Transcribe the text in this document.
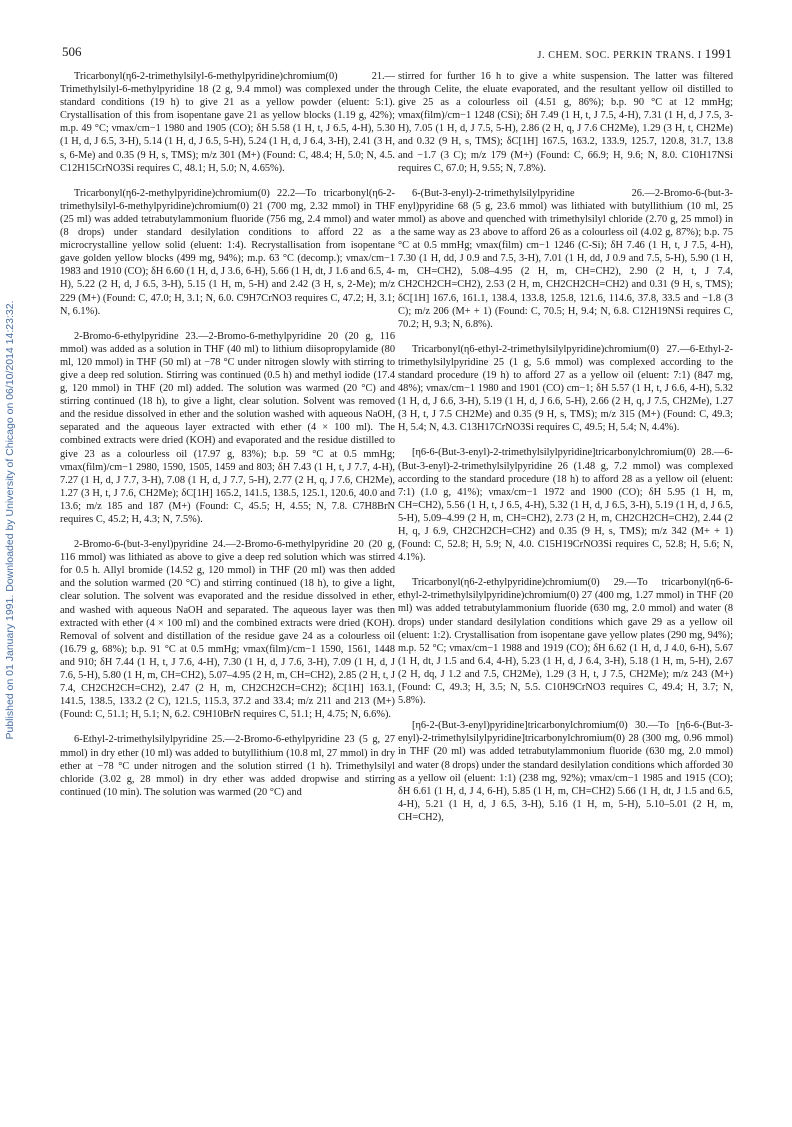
Published on 01 January 1991. Downloaded by University of Chicago on 06/10/2014 14:23:32.
506	J. CHEM. SOC. PERKIN TRANS. I 1991

Tricarbonyl(η6-2-trimethylsilyl-6-methylpyridine)chromium(0) 21.—Trimethylsilyl-6-methylpyridine 18 (2 g, 9.4 mmol) was complexed under the standard conditions (19 h) to give 21 as a yellow powder (eluent: 5:1). Crystallisation of this from isopentane gave 21 as yellow blocks (1.19 g, 42%); m.p. 49 °C; νmax/cm−1 1980 and 1905 (CO); δH 5.58 (1 H, t, J 6.5, 4-H), 5.30 (1 H, d, J 6.5, 3-H), 5.14 (1 H, d, J 6.5, 5-H), 5.24 (1 H, d, J 6.4, 3-H), 2.41 (3 H, s, 6-Me) and 0.35 (9 H, s, TMS); m/z 301 (M+) (Found: C, 48.4; H, 5.0; N, 4.5. C12H15CrNO3Si requires C, 48.1; H, 5.0; N, 4.65%).

Tricarbonyl(η6-2-methylpyridine)chromium(0) 22.2—To tricarbonyl(η6-2-trimethylsilyl-6-methylpyridine)chromium(0) 21 (700 mg, 2.32 mmol) in THF (25 ml) was added tetrabutylammonium fluoride (756 mg, 2.4 mmol) and water (8 drops) under standard desilylation conditions to afford 22 as a microcrystalline yellow solid (eluent: 1:4). Recrystallisation from isopentane gave golden yellow blocks (499 mg, 94%); m.p. 63 °C (decomp.); νmax/cm−1 1983 and 1910 (CO); δH 6.60 (1 H, d, J 3.6, 6-H), 5.66 (1 H, dt, J 1.6 and 6.5, 4-H), 5.22 (2 H, d, J 6.5, 3-H), 5.15 (1 H, m, 5-H) and 2.42 (3 H, s, 2-Me); m/z 229 (M+) (Found: C, 47.0; H, 3.1; N, 6.0. C9H7CrNO3 requires C, 47.2; H, 3.1; N, 6.1%).

2-Bromo-6-ethylpyridine 23.—2-Bromo-6-methylpyridine 20 (20 g, 116 mmol) was added as a solution in THF (40 ml) to lithium diisopropylamide (80 ml, 120 mmol) in THF (50 ml) at −78 °C under nitrogen slowly with stirring to give a deep red solution. Stirring was continued (0.5 h) and methyl iodide (17.4 g, 120 mmol) in THF (20 ml) added. The solution was warmed (20 °C) and stirring continued (18 h), to give a light, clear solution. Solvent was removed and the residue dissolved in ether and the solution washed with aqueous NaOH, separated and the aqueous layer extracted with ether (4 × 100 ml). The combined extracts were dried (KOH) and evaporated and the residue distilled to give 23 as a colourless oil (17.97 g, 83%); b.p. 59 °C at 0.5 mmHg; νmax(film)/cm−1 2980, 1590, 1505, 1459 and 803; δH 7.43 (1 H, t, J 7.7, 4-H), 7.27 (1 H, d, J 7.7, 3-H), 7.08 (1 H, d, J 7.7, 5-H), 2.77 (2 H, q, J 7.6, CH2Me), 1.27 (3 H, t, J 7.6, CH2Me); δC[1H] 165.2, 141.5, 138.5, 125.1, 120.6, 40.0 and 13.6; m/z 185 and 187 (M+) (Found: C, 45.5; H, 4.55; N, 7.8. C7H8BrN requires C, 45.2; H, 4.3; N, 7.5%).

2-Bromo-6-(but-3-enyl)pyridine 24.—2-Bromo-6-methylpyridine 20 (20 g, 116 mmol) was lithiated as above to give a deep red solution which was stirred for 0.5 h. Allyl bromide (14.52 g, 120 mmol) in THF (20 ml) was then added and the solution warmed (20 °C) and stirring continued (18 h), to give a light, clear solution. The solvent was evaporated and the residue dissolved in ether, and washed with aqueous NaOH and separated. The aqueous layer was then extracted with ether (4 × 100 ml) and the combined extracts were dried (KOH). Removal of solvent and distillation of the residue gave 24 as a colourless oil (16.79 g, 68%); b.p. 91 °C at 0.5 mmHg; νmax(film)/cm−1 1590, 1561, 1448 and 910; δH 7.44 (1 H, t, J 7.6, 4-H), 7.30 (1 H, d, J 7.6, 3-H), 7.09 (1 H, d, J 7.6, 5-H), 5.80 (1 H, m, CH=CH2), 5.07–4.95 (2 H, m, CH=CH2), 2.85 (2 H, t, J 7.4, CH2CH2CH=CH2), 2.47 (2 H, m, CH2CH2CH=CH2); δC[1H] 163.1, 141.5, 138.5, 133.2 (2 C), 121.5, 115.3, 37.2 and 33.4; m/z 211 and 213 (M+) (Found: C, 51.1; H, 5.1; N, 6.2. C9H10BrN requires C, 51.1; H, 4.75; N, 6.6%).

6-Ethyl-2-trimethylsilylpyridine 25.—2-Bromo-6-ethylpyridine 23 (5 g, 27 mmol) in dry ether (10 ml) was added to butyllithium (10.8 ml, 27 mmol) in dry ether at −78 °C under nitrogen and the solution stirred (1 h). Trimethylsilyl chloride (3.02 g, 28 mmol) in dry ether was added dropwise and stirring continued (10 min). The solution was warmed (20 °C) and

stirred for further 16 h to give a white suspension. The latter was filtered through Celite, the eluate evaporated, and the resultant yellow oil distilled to give 25 as a colourless oil (4.51 g, 86%); b.p. 90 °C at 12 mmHg; νmax(film)/cm−1 1248 (CSi); δH 7.49 (1 H, t, J 7.5, 4-H), 7.31 (1 H, d, J 7.5, 3-H), 7.05 (1 H, d, J 7.5, 5-H), 2.86 (2 H, q, J 7.6 CH2Me), 1.29 (3 H, t, CH2Me) and 0.32 (9 H, s, TMS); δC[1H] 167.5, 163.2, 133.9, 125.7, 120.8, 31.7, 13.8 and −1.7 (3 C); m/z 179 (M+) (Found: C, 66.9; H, 9.6; N, 8.0. C10H17NSi requires C, 67.0; H, 9.55; N, 7.8%).

6-(But-3-enyl)-2-trimethylsilylpyridine 26.—2-Bromo-6-(but-3-enyl)pyridine 68 (5 g, 23.6 mmol) was lithiated with butyllithium (10 ml, 25 mmol) as above and quenched with trimethylsilyl chloride (2.70 g, 25 mmol) in the same way as 23 above to afford 26 as a colourless oil (4.02 g, 87%); b.p. 75 °C at 0.5 mmHg; νmax(film) cm−1 1246 (C-Si); δH 7.46 (1 H, t, J 7.5, 4-H), 7.30 (1 H, dd, J 0.9 and 7.5, 3-H), 7.01 (1 H, dd, J 0.9 and 7.5, 5-H), 5.90 (1 H, m, CH=CH2), 5.08–4.95 (2 H, m, CH=CH2), 2.90 (2 H, t, J 7.4, CH2CH2CH=CH2), 2.53 (2 H, m, CH2CH2CH=CH2) and 0.31 (9 H, s, TMS); δC[1H] 167.6, 161.1, 138.4, 133.8, 125.8, 121.6, 114.6, 37.8, 33.5 and −1.8 (3 C); m/z 206 (M+ + 1) (Found: C, 70.5; H, 9.4; N, 6.8. C12H19NSi requires C, 70.2; H, 9.3; N, 6.8%).

Tricarbonyl(η6-ethyl-2-trimethylsilylpyridine)chromium(0) 27.—6-Ethyl-2-trimethylsilylpyridine 25 (1 g, 5.6 mmol) was complexed according to the standard procedure (19 h) to afford 27 as a yellow oil (eluent: 7:1) (847 mg, 48%); νmax/cm−1 1980 and 1901 (CO) cm−1; δH 5.57 (1 H, t, J 6.6, 4-H), 5.32 (1 H, d, J 6.6, 3-H), 5.19 (1 H, d, J 6.6, 5-H), 2.66 (2 H, q, J 7.5, CH2Me), 1.27 (3 H, t, J 7.5 CH2Me) and 0.35 (9 H, s, TMS); m/z 315 (M+) (Found: C, 49.3; H, 5.4; N, 4.3. C13H17CrNO3Si requires C, 49.5; H, 5.4; N, 4.4%).

[η6-6-(But-3-enyl)-2-trimethylsilylpyridine]tricarbonylchromium(0) 28.—6-(But-3-enyl)-2-trimethylsilylpyridine 26 (1.48 g, 7.2 mmol) was complexed according to the standard procedure (18 h) to afford 28 as a yellow oil (eluent: 7:1) (1.0 g, 41%); νmax/cm−1 1972 and 1900 (CO); δH 5.95 (1 H, m, CH=CH2), 5.56 (1 H, t, J 6.5, 4-H), 5.32 (1 H, d, J 6.5, 3-H), 5.19 (1 H, d, J 6.5, 5-H), 5.09–4.99 (2 H, m, CH=CH2), 2.73 (2 H, m, CH2CH2CH=CH2), 2.44 (2 H, q, J 6.9, CH2CH2CH=CH2) and 0.35 (9 H, s, TMS); m/z 342 (M+ + 1) (Found: C, 52.8; H, 5.9; N, 4.0. C15H19CrNO3Si requires C, 52.8; H, 5.6; N, 4.1%).

Tricarbonyl(η6-2-ethylpyridine)chromium(0) 29.—To tricarbonyl(η6-6-ethyl-2-trimethylsilylpyridine)chromium(0) 27 (400 mg, 1.27 mmol) in THF (20 ml) was added tetrabutylammonium fluoride (630 mg, 2.0 mmol) and water (8 drops) under standard desilylation conditions which gave 29 as a yellow oil (eluent: 1:2). Crystallisation from isopentane gave yellow plates (290 mg, 94%); m.p. 52 °C; νmax/cm−1 1988 and 1919 (CO); δH 6.62 (1 H, d, J 4.0, 6-H), 5.67 (1 H, dt, J 1.5 and 6.4, 4-H), 5.23 (1 H, d, J 6.4, 3-H), 5.18 (1 H, m, 5-H), 2.67 (2 H, dq, J 1.2 and 7.5, CH2Me), 1.29 (3 H, t, J 7.5, CH2Me); m/z 243 (M+) (Found: C, 49.3; H, 3.5; N, 5.5. C10H9CrNO3 requires C, 49.4; H, 3.7; N, 5.8%).

[η6-2-(But-3-enyl)pyridine]tricarbonylchromium(0) 30.—To [η6-6-(But-3-enyl)-2-trimethylsilylpyridine]tricarbonylchromium(0) 28 (300 mg, 0.96 mmol) in THF (20 ml) was added tetrabutylammonium fluoride (630 mg, 2.0 mmol) and water (8 drops) under the standard desilylation conditions which afforded 30 as a yellow oil (eluent: 1:1) (238 mg, 92%); νmax/cm−1 1985 and 1915 (CO); δH 6.61 (1 H, d, J 4, 6-H), 5.85 (1 H, m, CH=CH2) 5.66 (1 H, dt, J 1.5 and 6.5, 4-H), 5.21 (1 H, d, J 6.5, 3-H), 5.16 (1 H, m, 5-H), 5.10–5.01 (2 H, m, CH=CH2),
